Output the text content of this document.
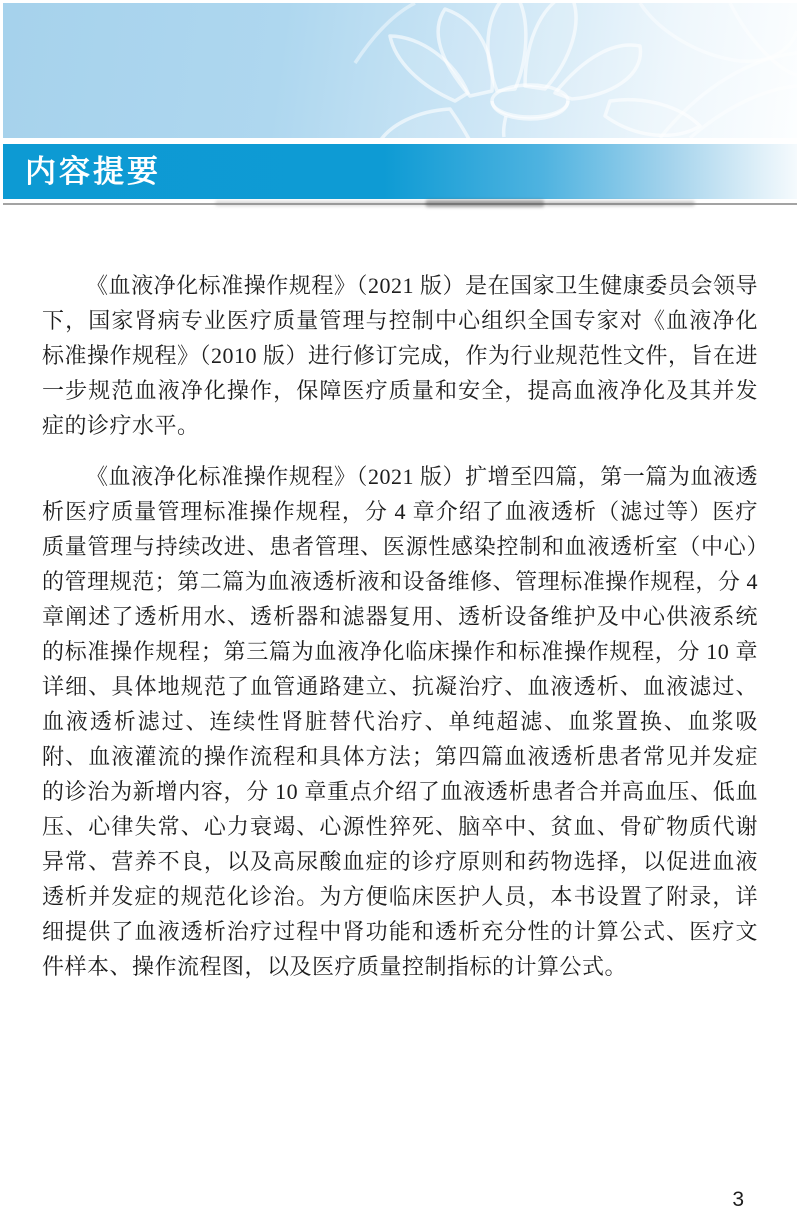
内容提要

《血液净化标准操作规程》（2021 版）是在国家卫生健康委员会领导下，国家肾病专业医疗质量管理与控制中心组织全国专家对《血液净化标准操作规程》（2010 版）进行修订完成，作为行业规范性文件，旨在进一步规范血液净化操作，保障医疗质量和安全，提高血液净化及其并发症的诊疗水平。

《血液净化标准操作规程》（2021 版）扩增至四篇，第一篇为血液透析医疗质量管理标准操作规程，分 4 章介绍了血液透析（滤过等）医疗质量管理与持续改进、患者管理、医源性感染控制和血液透析室（中心）的管理规范；第二篇为血液透析液和设备维修、管理标准操作规程，分 4 章阐述了透析用水、透析器和滤器复用、透析设备维护及中心供液系统的标准操作规程；第三篇为血液净化临床操作和标准操作规程，分 10 章详细、具体地规范了血管通路建立、抗凝治疗、血液透析、血液滤过、血液透析滤过、连续性肾脏替代治疗、单纯超滤、血浆置换、血浆吸附、血液灌流的操作流程和具体方法；第四篇血液透析患者常见并发症的诊治为新增内容，分 10 章重点介绍了血液透析患者合并高血压、低血压、心律失常、心力衰竭、心源性猝死、脑卒中、贫血、骨矿物质代谢异常、营养不良，以及高尿酸血症的诊疗原则和药物选择，以促进血液透析并发症的规范化诊治。为方便临床医护人员，本书设置了附录，详细提供了血液透析治疗过程中肾功能和透析充分性的计算公式、医疗文件样本、操作流程图，以及医疗质量控制指标的计算公式。

3
